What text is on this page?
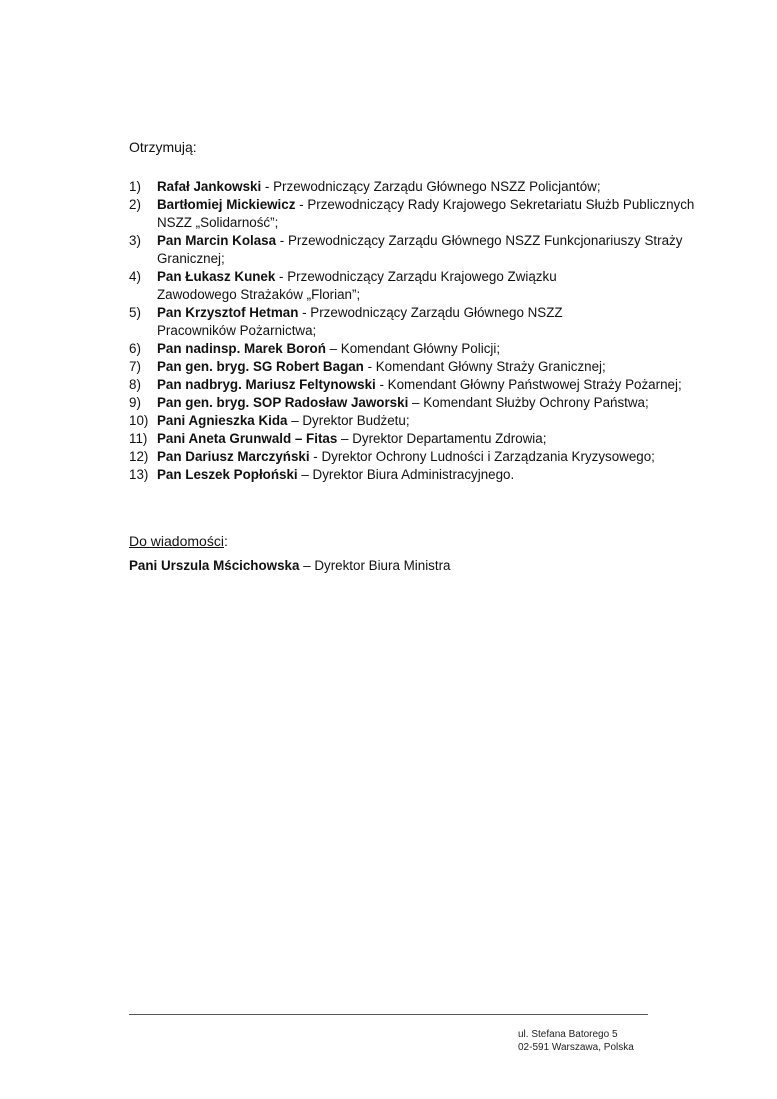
Otrzymują:
1) Rafał Jankowski - Przewodniczący Zarządu Głównego NSZZ Policjantów;
2) Bartłomiej Mickiewicz - Przewodniczący Rady Krajowego Sekretariatu Służb Publicznych NSZZ „Solidarność”;
3) Pan Marcin Kolasa - Przewodniczący Zarządu Głównego NSZZ Funkcjonariuszy Straży Granicznej;
4) Pan Łukasz Kunek - Przewodniczący Zarządu Krajowego Związku
Zawodowego Strażaków „Florian”;
5) Pan Krzysztof Hetman - Przewodniczący Zarządu Głównego NSZZ
Pracowników Pożarnictwa;
6) Pan nadinsp. Marek Boroń – Komendant Główny Policji;
7) Pan gen. bryg. SG Robert Bagan - Komendant Główny Straży Granicznej;
8) Pan nadbryg. Mariusz Feltynowski - Komendant Główny Państwowej Straży Pożarnej;
9) Pan gen. bryg. SOP Radosław Jaworski – Komendant Służby Ochrony Państwa;
10) Pani Agnieszka Kida – Dyrektor Budżetu;
11) Pani Aneta Grunwald – Fitas – Dyrektor Departamentu Zdrowia;
12) Pan Dariusz Marczyński - Dyrektor Ochrony Ludności i Zarządzania Kryzysowego;
13) Pan Leszek Popłoński – Dyrektor Biura Administracyjnego.
Do wiadomości:
Pani Urszula Mścichowska – Dyrektor Biura Ministra
ul. Stefana Batorego 5
02-591 Warszawa, Polska
